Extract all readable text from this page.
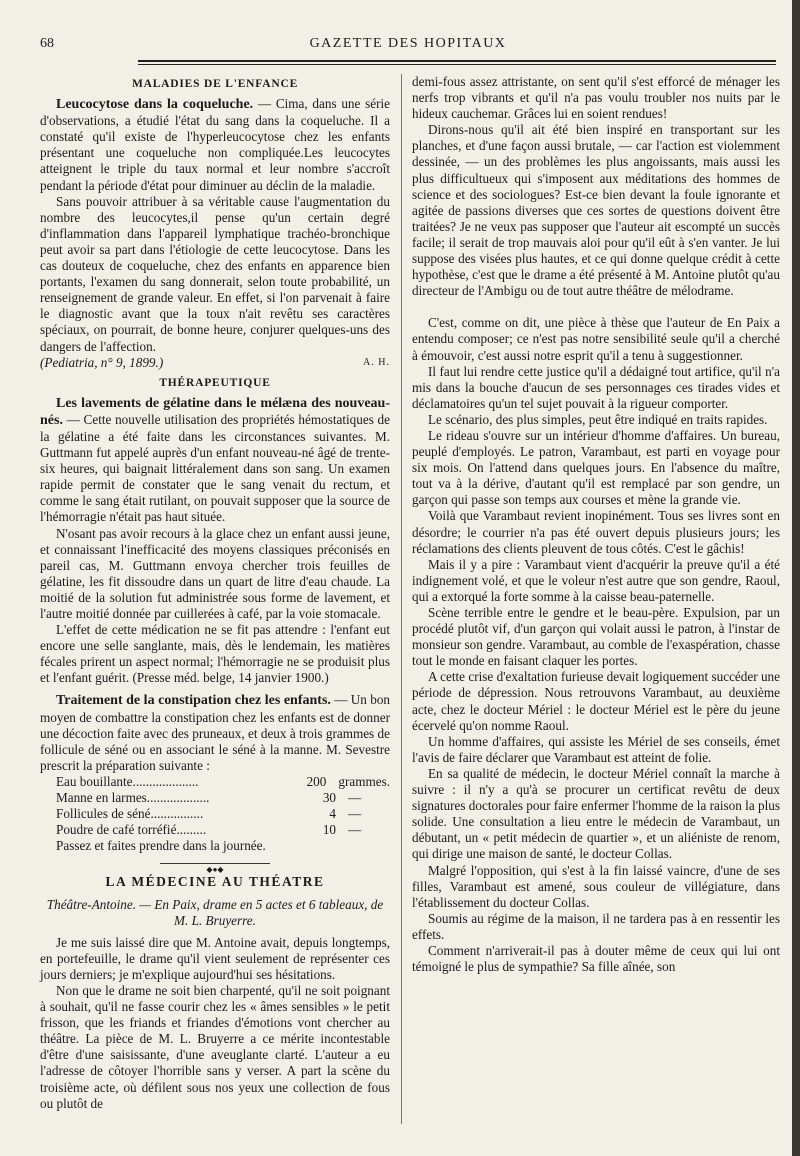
68	GAZETTE DES HOPITAUX
MALADIES DE L'ENFANCE

Leucocytose dans la coqueluche. — Cima, dans une série d'observations, a étudié l'état du sang dans la coqueluche. Il a constaté qu'il existe de l'hyperleucocytose chez les enfants présentant une coqueluche non compliquée.Les leucocytes atteignent le triple du taux normal et leur nombre s'accroît pendant la période d'état pour diminuer au déclin de la maladie.

Sans pouvoir attribuer à sa véritable cause l'augmentation du nombre des leucocytes,il pense qu'un certain degré d'inflammation dans l'appareil lymphatique trachéo-bronchique peut avoir sa part dans l'étiologie de cette leucocytose. Dans les cas douteux de coqueluche, chez des enfants en apparence bien portants, l'examen du sang donnerait, selon toute probabilité, un renseignement de grande valeur. En effet, si l'on parvenait à faire le diagnostic avant que la toux n'ait revêtu ses caractères spéciaux, on pourrait, de bonne heure, conjurer quelques-uns des dangers de l'affection.

(Pediatria, n° 9, 1899.)	A. H.

THÉRAPEUTIQUE

Les lavements de gélatine dans le mélæna des nouveau-nés. — Cette nouvelle utilisation des propriétés hémostatiques de la gélatine a été faite dans les circonstances suivantes. M. Guttmann fut appelé auprès d'un enfant nouveau-né âgé de trente-six heures, qui baignait littéralement dans son sang. Un examen rapide permit de constater que le sang venait du rectum, et comme le sang était rutilant, on pouvait supposer que la source de l'hémorragie n'était pas haut située.

N'osant pas avoir recours à la glace chez un enfant aussi jeune, et connaissant l'inefficacité des moyens classiques préconisés en pareil cas, M. Guttmann envoya chercher trois feuilles de gélatine, les fit dissoudre dans un quart de litre d'eau chaude. La moitié de la solution fut administrée sous forme de lavement, et l'autre moitié donnée par cuillerées à café, par la voie stomacale.

L'effet de cette médication ne se fit pas attendre : l'enfant eut encore une selle sanglante, mais, dès le lendemain, les matières fécales prirent un aspect normal; l'hémorragie ne se produisit plus et l'enfant guérit. (Presse méd. belge, 14 janvier 1900.)

Traitement de la constipation chez les enfants. — Un bon moyen de combattre la constipation chez les enfants est de donner une décoction faite avec des pruneaux, et deux à trois grammes de follicule de séné ou en associant le séné à la manne. M. Sevestre prescrit la préparation suivante :

Eau bouillante....................	200 grammes.
Manne en larmes...................	30 —
Follicules de séné................	4 —
Poudre de café torréfié.........	10 —

Passez et faites prendre dans la journée.

◆●◆
LA MÉDECINE AU THÉATRE

Théâtre-Antoine. — En Paix, drame en 5 actes et 6 tableaux, de M. L. Bruyerre.

Je me suis laissé dire que M. Antoine avait, depuis longtemps, en portefeuille, le drame qu'il vient seulement de représenter ces jours derniers; je m'explique aujourd'hui ses hésitations.

Non que le drame ne soit bien charpenté, qu'il ne soit poignant à souhait, qu'il ne fasse courir chez les « âmes sensibles » le petit frisson, que les friands et friandes d'émotions vont chercher au théâtre. La pièce de M. L. Bruyerre a ce mérite incontestable d'être d'une saisissante, d'une aveuglante clarté. L'auteur a eu l'adresse de côtoyer l'horrible sans y verser. A part la scène du troisième acte, où défilent sous nos yeux une collection de fous ou plutôt de

demi-fous assez attristante, on sent qu'il s'est efforcé de ménager les nerfs trop vibrants et qu'il n'a pas voulu troubler nos nuits par le hideux cauchemar. Grâces lui en soient rendues!

Dirons-nous qu'il ait été bien inspiré en transportant sur les planches, et d'une façon aussi brutale, — car l'action est violemment dessinée, — un des problèmes les plus angoissants, mais aussi les plus difficultueux qui s'imposent aux méditations des hommes de science et des sociologues? Est-ce bien devant la foule ignorante et agitée de passions diverses que ces sortes de questions doivent être traitées? Je ne veux pas supposer que l'auteur ait escompté un succès facile; il serait de trop mauvais aloi pour qu'il eût à s'en vanter. Je lui suppose des visées plus hautes, et ce qui donne quelque crédit à cette hypothèse, c'est que le drame a été présenté à M. Antoine plutôt qu'au directeur de l'Ambigu ou de tout autre théâtre de mélodrame.

C'est, comme on dit, une pièce à thèse que l'auteur de En Paix a entendu composer; ce n'est pas notre sensibilité seule qu'il a cherché à émouvoir, c'est aussi notre esprit qu'il a tenu à suggestionner.

Il faut lui rendre cette justice qu'il a dédaigné tout artifice, qu'il n'a mis dans la bouche d'aucun de ses personnages ces tirades vides et déclamatoires qu'un tel sujet pouvait à la rigueur comporter.

Le scénario, des plus simples, peut être indiqué en traits rapides.

Le rideau s'ouvre sur un intérieur d'homme d'affaires. Un bureau, peuplé d'employés. Le patron, Varambaut, est parti en voyage pour six mois. On l'attend dans quelques jours. En l'absence du maître, tout va à la dérive, d'autant qu'il est remplacé par son gendre, un garçon qui passe son temps aux courses et mène la grande vie.

Voilà que Varambaut revient inopinément. Tous ses livres sont en désordre; le courrier n'a pas été ouvert depuis plusieurs jours; les réclamations des clients pleuvent de tous côtés. C'est le gâchis!

Mais il y a pire : Varambaut vient d'acquérir la preuve qu'il a été indignement volé, et que le voleur n'est autre que son gendre, Raoul, qui a extorqué la forte somme à la caisse beau-paternelle.

Scène terrible entre le gendre et le beau-père. Expulsion, par un procédé plutôt vif, d'un garçon qui volait aussi le patron, à l'instar de monsieur son gendre. Varambaut, au comble de l'exaspération, chasse tout le monde en faisant claquer les portes.

A cette crise d'exaltation furieuse devait logiquement succéder une période de dépression. Nous retrouvons Varambaut, au deuxième acte, chez le docteur Mériel : le docteur Mériel est le père du jeune écervelé qu'on nomme Raoul.

Un homme d'affaires, qui assiste les Mériel de ses conseils, émet l'avis de faire déclarer que Varambaut est atteint de folie.

En sa qualité de médecin, le docteur Mériel connaît la marche à suivre : il n'y a qu'à se procurer un certificat revêtu de deux signatures doctorales pour faire enfermer l'homme de la raison la plus solide. Une consultation a lieu entre le médecin de Varambaut, un débutant, un « petit médecin de quartier », et un aliéniste de renom, qui dirige une maison de santé, le docteur Collas.

Malgré l'opposition, qui s'est à la fin laissé vaincre, d'une de ses filles, Varambaut est amené, sous couleur de villégiature, dans l'établissement du docteur Collas.

Soumis au régime de la maison, il ne tardera pas à en ressentir les effets.

Comment n'arriverait-il pas à douter même de ceux qui lui ont témoigné le plus de sympathie? Sa fille aînée, son
